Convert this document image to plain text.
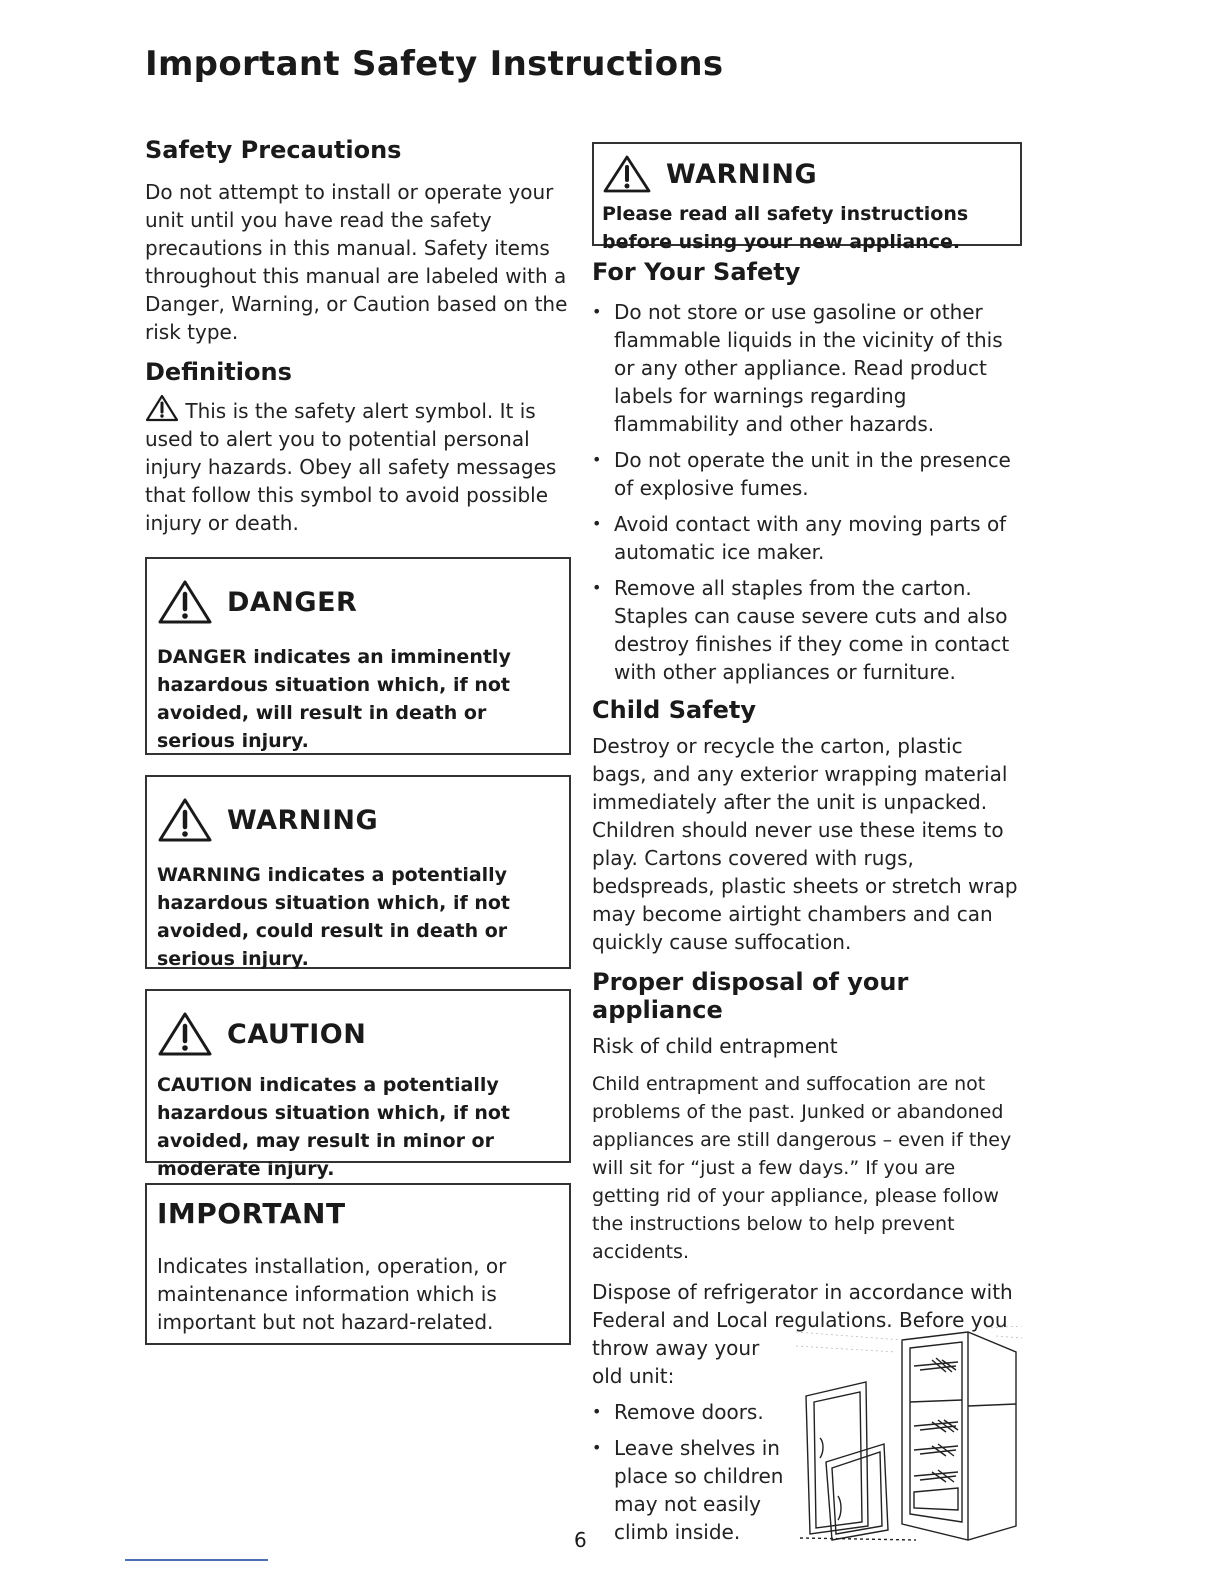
Important Safety Instructions
Safety Precautions

Do not attempt to install or operate your unit until you have read the safety precautions in this manual. Safety items throughout this manual are labeled with a Danger, Warning, or Caution based on the risk type.

Definitions
This is the safety alert symbol. It is used to alert you to potential personal injury hazards. Obey all safety messages that follow this symbol to avoid possible injury or death.
DANGER

DANGER indicates an imminently hazardous situation which, if not avoided, will result in death or serious injury.

WARNING

WARNING indicates a potentially hazardous situation which, if not avoided, could result in death or serious injury.

CAUTION

CAUTION indicates a potentially hazardous situation which, if not avoided, may result in minor or moderate injury.

IMPORTANT

Indicates installation, operation, or maintenance information which is important but not hazard-related.

WARNING

Please read all safety instructions before using your new appliance.

For Your Safety
• Do not store or use gasoline or other flammable liquids in the vicinity of this or any other appliance. Read product labels for warnings regarding flammability and other hazards.
• Do not operate the unit in the presence of explosive fumes.
• Avoid contact with any moving parts of automatic ice maker.
• Remove all staples from the carton. Staples can cause severe cuts and also destroy finishes if they come in contact with other appliances or furniture.
Child Safety

Destroy or recycle the carton, plastic bags, and any exterior wrapping material immediately after the unit is unpacked. Children should never use these items to play. Cartons covered with rugs, bedspreads, plastic sheets or stretch wrap may become airtight chambers and can quickly cause suffocation.

Proper disposal of your appliance

Risk of child entrapment

Child entrapment and suffocation are not problems of the past. Junked or abandoned appliances are still dangerous – even if they will sit for “just a few days.” If you are getting rid of your appliance, please follow the instructions below to help prevent accidents.

Dispose of refrigerator in accordance with Federal and Local regulations. Before you

throw away your old unit:

• Remove doors.
• Leave shelves in place so children may not easily climb inside.
6
